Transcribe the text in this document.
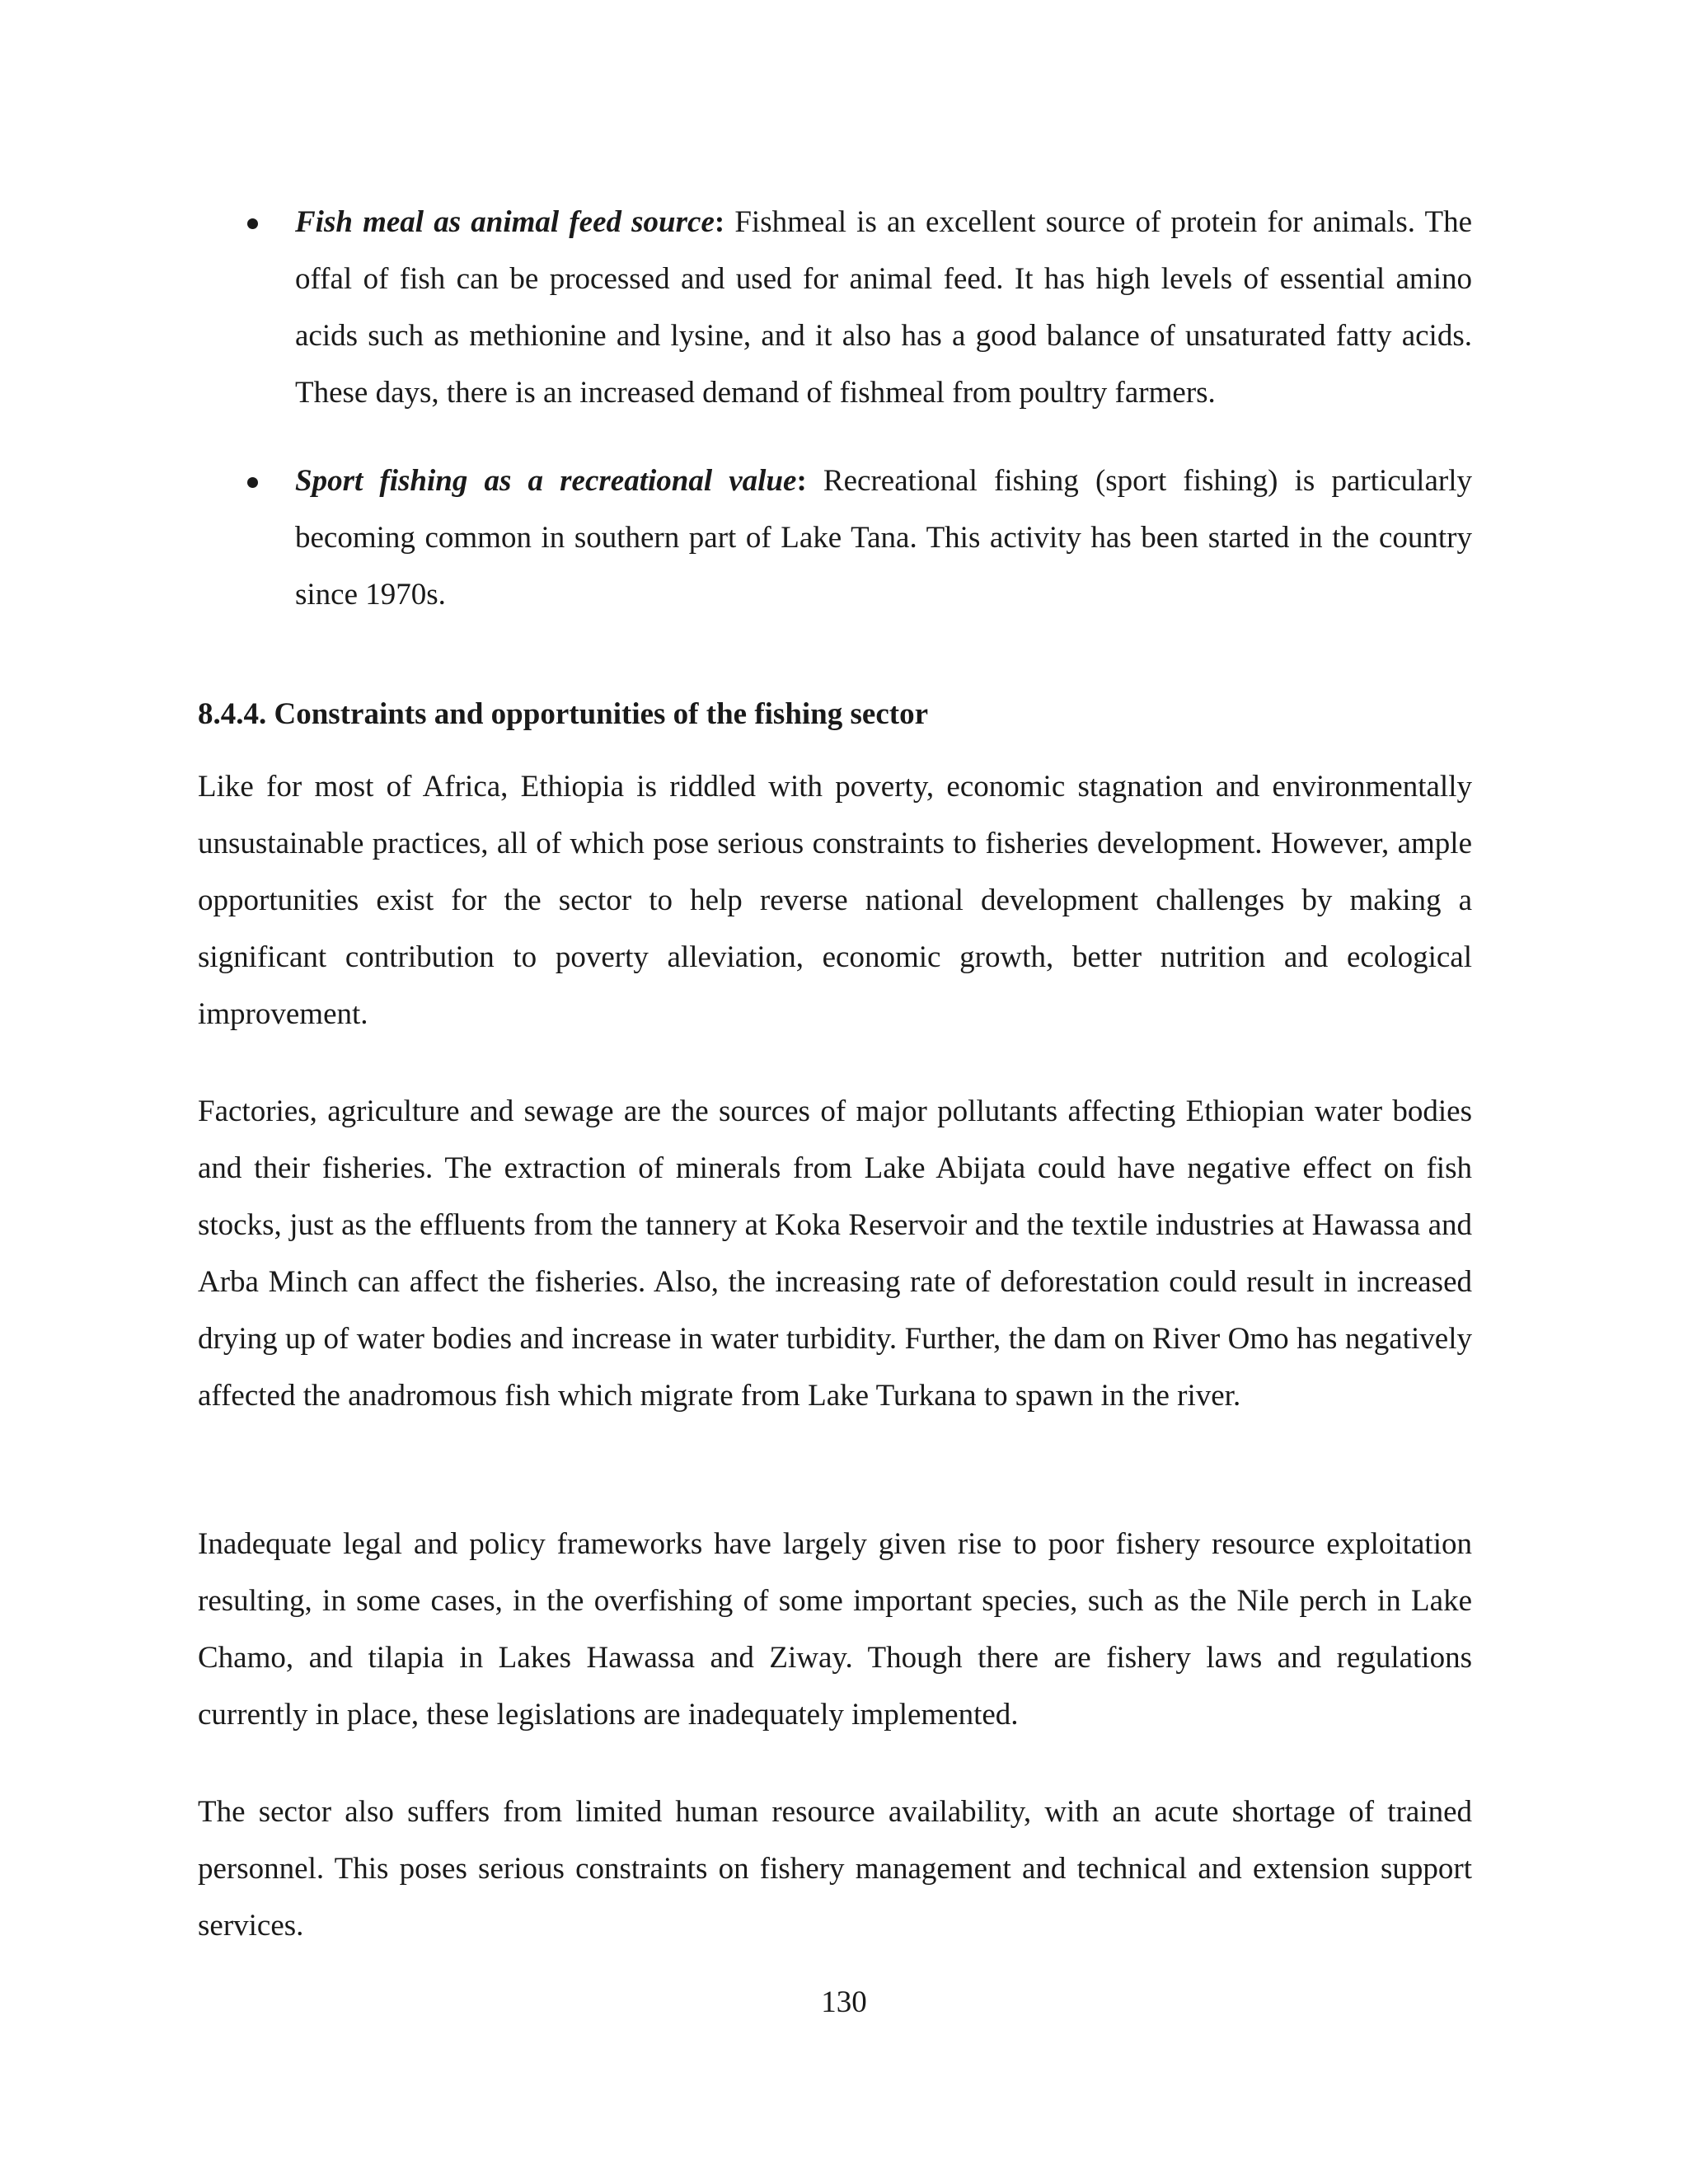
Fish meal as animal feed source: Fishmeal is an excellent source of protein for animals. The offal of fish can be processed and used for animal feed. It has high levels of essential amino acids such as methionine and lysine, and it also has a good balance of unsaturated fatty acids. These days, there is an increased demand of fishmeal from poultry farmers.
Sport fishing as a recreational value: Recreational fishing (sport fishing) is particularly becoming common in southern part of Lake Tana. This activity has been started in the country since 1970s.
8.4.4. Constraints and opportunities of the fishing sector

Like for most of Africa, Ethiopia is riddled with poverty, economic stagnation and environmentally unsustainable practices, all of which pose serious constraints to fisheries development. However, ample opportunities exist for the sector to help reverse national development challenges by making a significant contribution to poverty alleviation, economic growth, better nutrition and ecological improvement.

Factories, agriculture and sewage are the sources of major pollutants affecting Ethiopian water bodies and their fisheries. The extraction of minerals from Lake Abijata could have negative effect on fish stocks, just as the effluents from the tannery at Koka Reservoir and the textile industries at Hawassa and Arba Minch can affect the fisheries. Also, the increasing rate of deforestation could result in increased drying up of water bodies and increase in water turbidity. Further, the dam on River Omo has negatively affected the anadromous fish which migrate from Lake Turkana to spawn in the river.

Inadequate legal and policy frameworks have largely given rise to poor fishery resource exploitation resulting, in some cases, in the overfishing of some important species, such as the Nile perch in Lake Chamo, and tilapia in Lakes Hawassa and Ziway. Though there are fishery laws and regulations currently in place, these legislations are inadequately implemented.

The sector also suffers from limited human resource availability, with an acute shortage of trained personnel. This poses serious constraints on fishery management and technical and extension support services.

130
